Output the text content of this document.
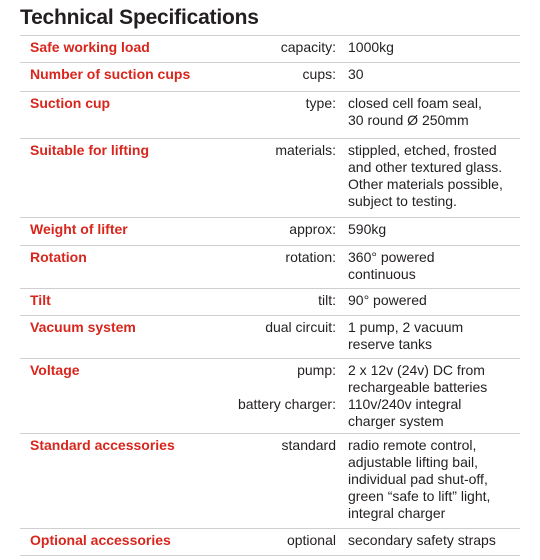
Technical Specifications
Safe working load	capacity: 1000kg
Number of suction cups	cups: 30
Suction cup	type: closed cell foam seal,
30 round Ø 250mm
Suitable for lifting	materials: stippled, etched, frosted
and other textured glass.
Other materials possible,
subject to testing.
Weight of lifter	approx: 590kg
Rotation	rotation: 360° powered
continuous
Tilt	tilt: 90° powered
Vacuum system	dual circuit: 1 pump, 2 vacuum
reserve tanks
Voltage	pump: 2 x 12v (24v) DC from
rechargeable batteries
battery charger: 110v/240v integral
charger system
Standard accessories	standard radio remote control,
adjustable lifting bail,
individual pad shut-off,
green “safe to lift” light,
integral charger
Optional accessories	optional secondary safety straps
